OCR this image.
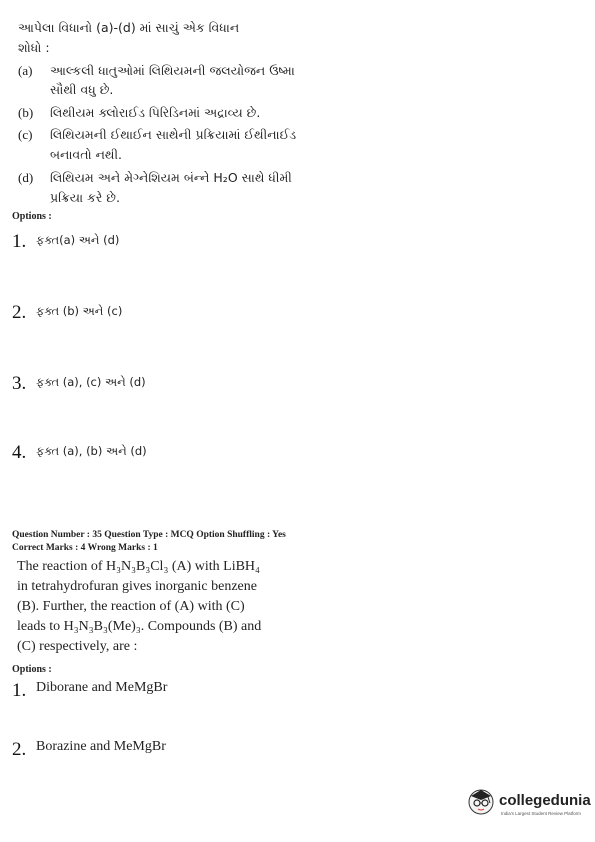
આપેલા વિધાનો (a)-(d) માં સાચું એક વિધાન
શોધો :
(a) આલ્કલી ધાતુઓમાં લિથિયમની જલયોજન ઉષ્મા
સૌથી વધુ છે.
(b) લિથીયમ ક્લોરાઈડ પિરિડિનમાં અદ્રાવ્ય છે.
(c) લિથિયમની ઈથાઈન સાથેની પ્રક્રિયામાં ઈથીનાઈડ
બનાવતો નથી.
(d) લિથિયમ અને મેગ્નેશિયમ બંન્ને H₂O સાથે ધીમી
પ્રક્રિયા કરે છે.
Options :
1. ફક્ત(a) અને (d)
2. ફક્ત (b) અને (c)
3. ફક્ત (a), (c) અને (d)
4. ફક્ત (a), (b) અને (d)
Question Number : 35 Question Type : MCQ Option Shuffling : Yes
Correct Marks : 4 Wrong Marks : 1
The reaction of H₃N₃B₃Cl₃ (A) with LiBH₄
in tetrahydrofuran gives inorganic benzene
(B). Further, the reaction of (A) with (C)
leads to H₃N₃B₃(Me)₃. Compounds (B) and
(C) respectively, are :
Options :
1. Diborane and MeMgBr
2. Borazine and MeMgBr
collegedunia
India's Largest Student Review Platform
